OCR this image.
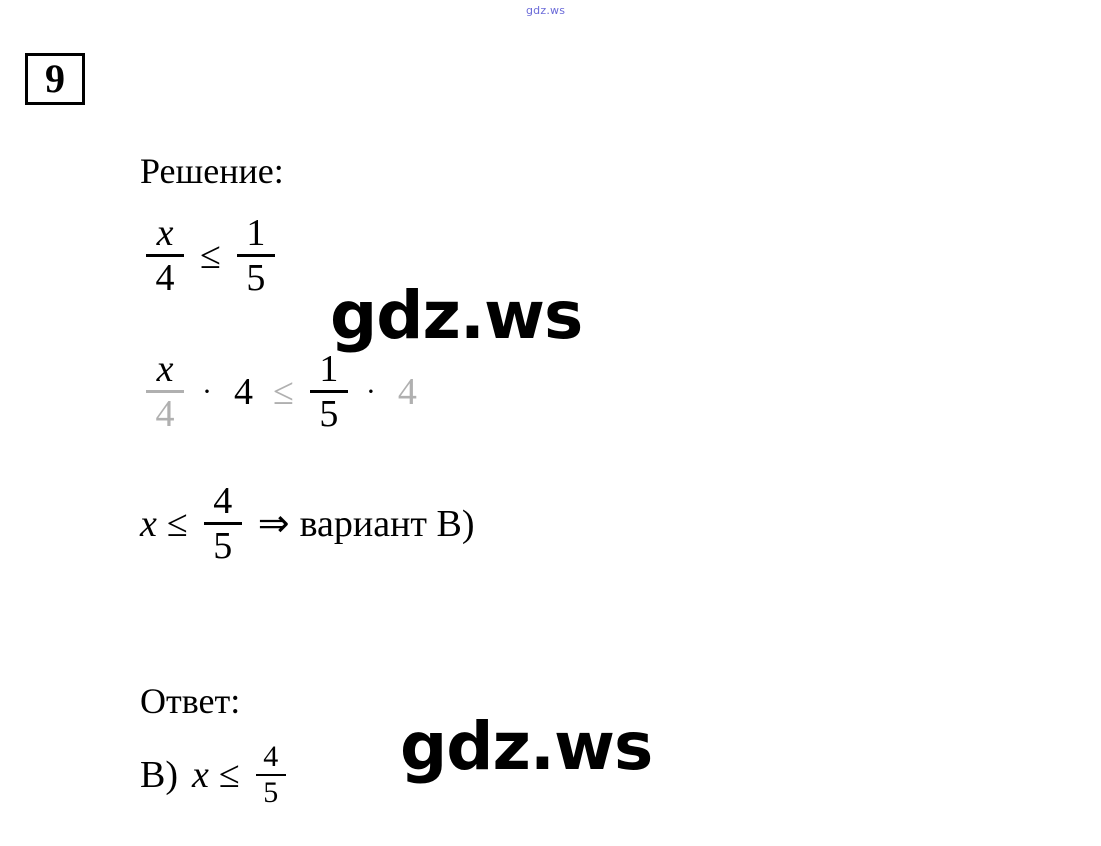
gdz.ws
9
Решение:
$\frac{x}{4} \le \frac{1}{5}$
$\frac{x}{4} \cdot 4 \le \frac{1}{5} \cdot 4$
$x \le \frac{4}{5}$ ⇒ вариант B)
Ответ:
B) $x \le \frac{4}{5}$
gdz.ws
gdz.ws
